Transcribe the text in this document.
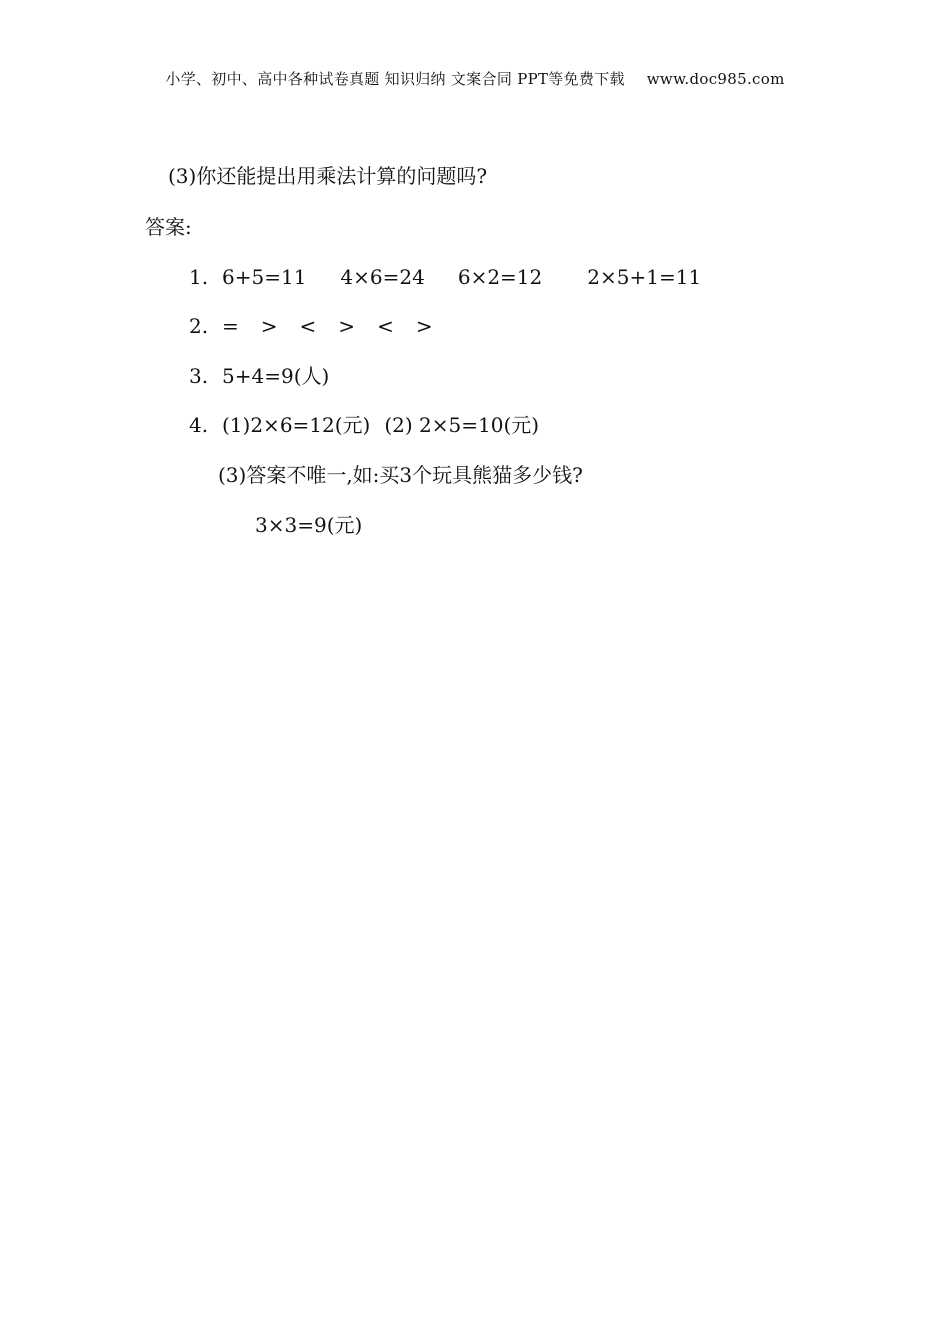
小学、初中、高中各种试卷真题 知识归纳 文案合同 PPT等免费下载 www.doc985.com
(3)你还能提出用乘法计算的问题吗?
答案:
1. 6+5=11 4×6=24 6×2=12 2×5+1=11
2. = > < > < >
3. 5+4=9(人)
4. (1)2×6=12(元) (2) 2×5=10(元)
(3)答案不唯一,如:买3个玩具熊猫多少钱?
3×3=9(元)
